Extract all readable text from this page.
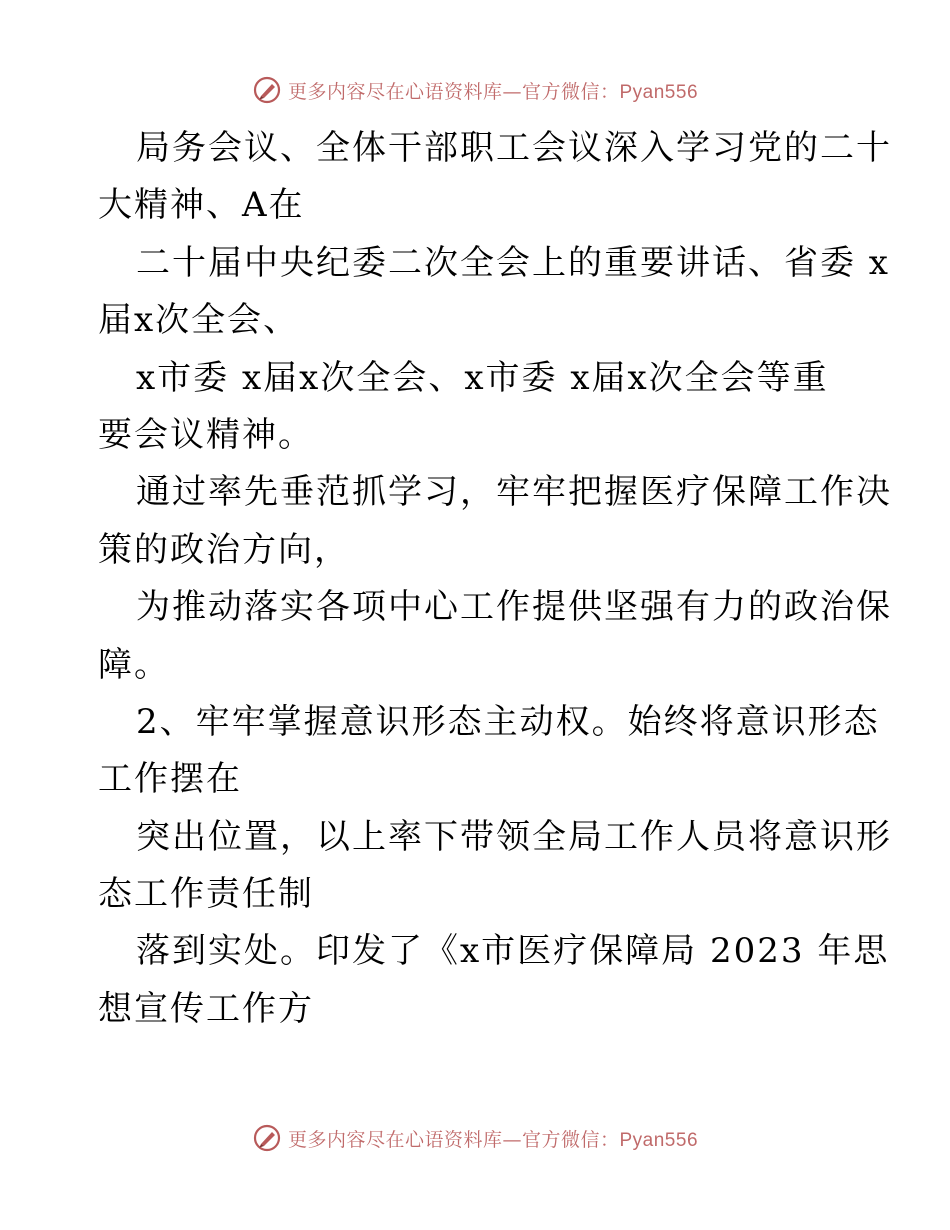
更多内容尽在心语资料库—官方微信：Pyan556
局务会议、全体干部职工会议深入学习党的二十
大精神、A在
二十届中央纪委二次全会上的重要讲话、省委 x
届x次全会、
x市委 x届x次全会、x市委 x届x次全会等重
要会议精神。
通过率先垂范抓学习，牢牢把握医疗保障工作决
策的政治方向，
为推动落实各项中心工作提供坚强有力的政治保
障。
2、牢牢掌握意识形态主动权。始终将意识形态
工作摆在
突出位置，以上率下带领全局工作人员将意识形
态工作责任制
落到实处。印发了《x市医疗保障局 2023 年思
想宣传工作方
更多内容尽在心语资料库—官方微信：Pyan556
